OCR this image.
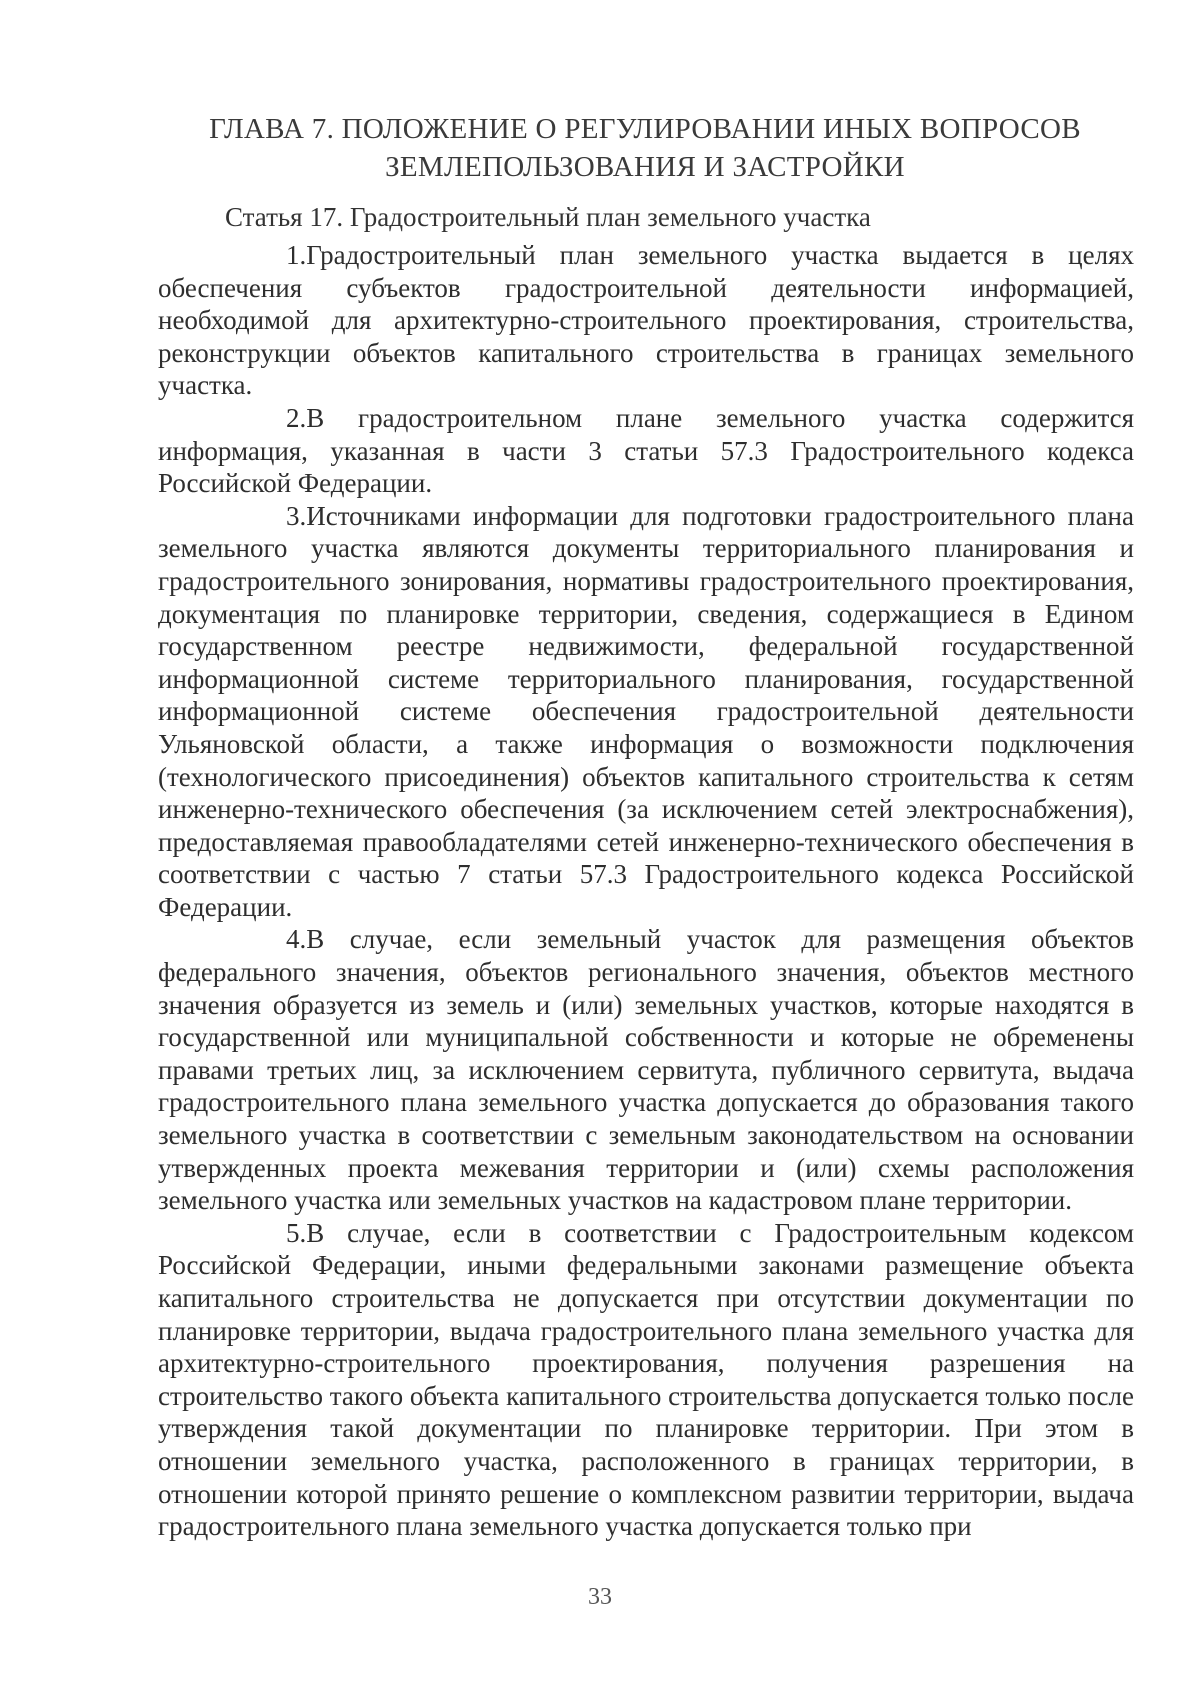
ГЛАВА 7. ПОЛОЖЕНИЕ О РЕГУЛИРОВАНИИ ИНЫХ ВОПРОСОВ ЗЕМЛЕПОЛЬЗОВАНИЯ И ЗАСТРОЙКИ
Статья 17. Градостроительный план земельного участка

1.Градостроительный план земельного участка выдается в целях обеспечения субъектов градостроительной деятельности информацией, необходимой для архитектурно-строительного проектирования, строительства, реконструкции объектов капитального строительства в границах земельного участка.

2.В градостроительном плане земельного участка содержится информация, указанная в части 3 статьи 57.3 Градостроительного кодекса Российской Федерации.

3.Источниками информации для подготовки градостроительного плана земельного участка являются документы территориального планирования и градостроительного зонирования, нормативы градостроительного проектирования, документация по планировке территории, сведения, содержащиеся в Едином государственном реестре недвижимости, федеральной государственной информационной системе территориального планирования, государственной информационной системе обеспечения градостроительной деятельности Ульяновской области, а также информация о возможности подключения (технологического присоединения) объектов капитального строительства к сетям инженерно-технического обеспечения (за исключением сетей электроснабжения), предоставляемая правообладателями сетей инженерно-технического обеспечения в соответствии с частью 7 статьи 57.3 Градостроительного кодекса Российской Федерации.

4.В случае, если земельный участок для размещения объектов федерального значения, объектов регионального значения, объектов местного значения образуется из земель и (или) земельных участков, которые находятся в государственной или муниципальной собственности и которые не обременены правами третьих лиц, за исключением сервитута, публичного сервитута, выдача градостроительного плана земельного участка допускается до образования такого земельного участка в соответствии с земельным законодательством на основании утвержденных проекта межевания территории и (или) схемы расположения земельного участка или земельных участков на кадастровом плане территории.

5.В случае, если в соответствии с Градостроительным кодексом Российской Федерации, иными федеральными законами размещение объекта капитального строительства не допускается при отсутствии документации по планировке территории, выдача градостроительного плана земельного участка для архитектурно-строительного проектирования, получения разрешения на строительство такого объекта капитального строительства допускается только после утверждения такой документации по планировке территории. При этом в отношении земельного участка, расположенного в границах территории, в отношении которой принято решение о комплексном развитии территории, выдача градостроительного плана земельного участка допускается только при

33
